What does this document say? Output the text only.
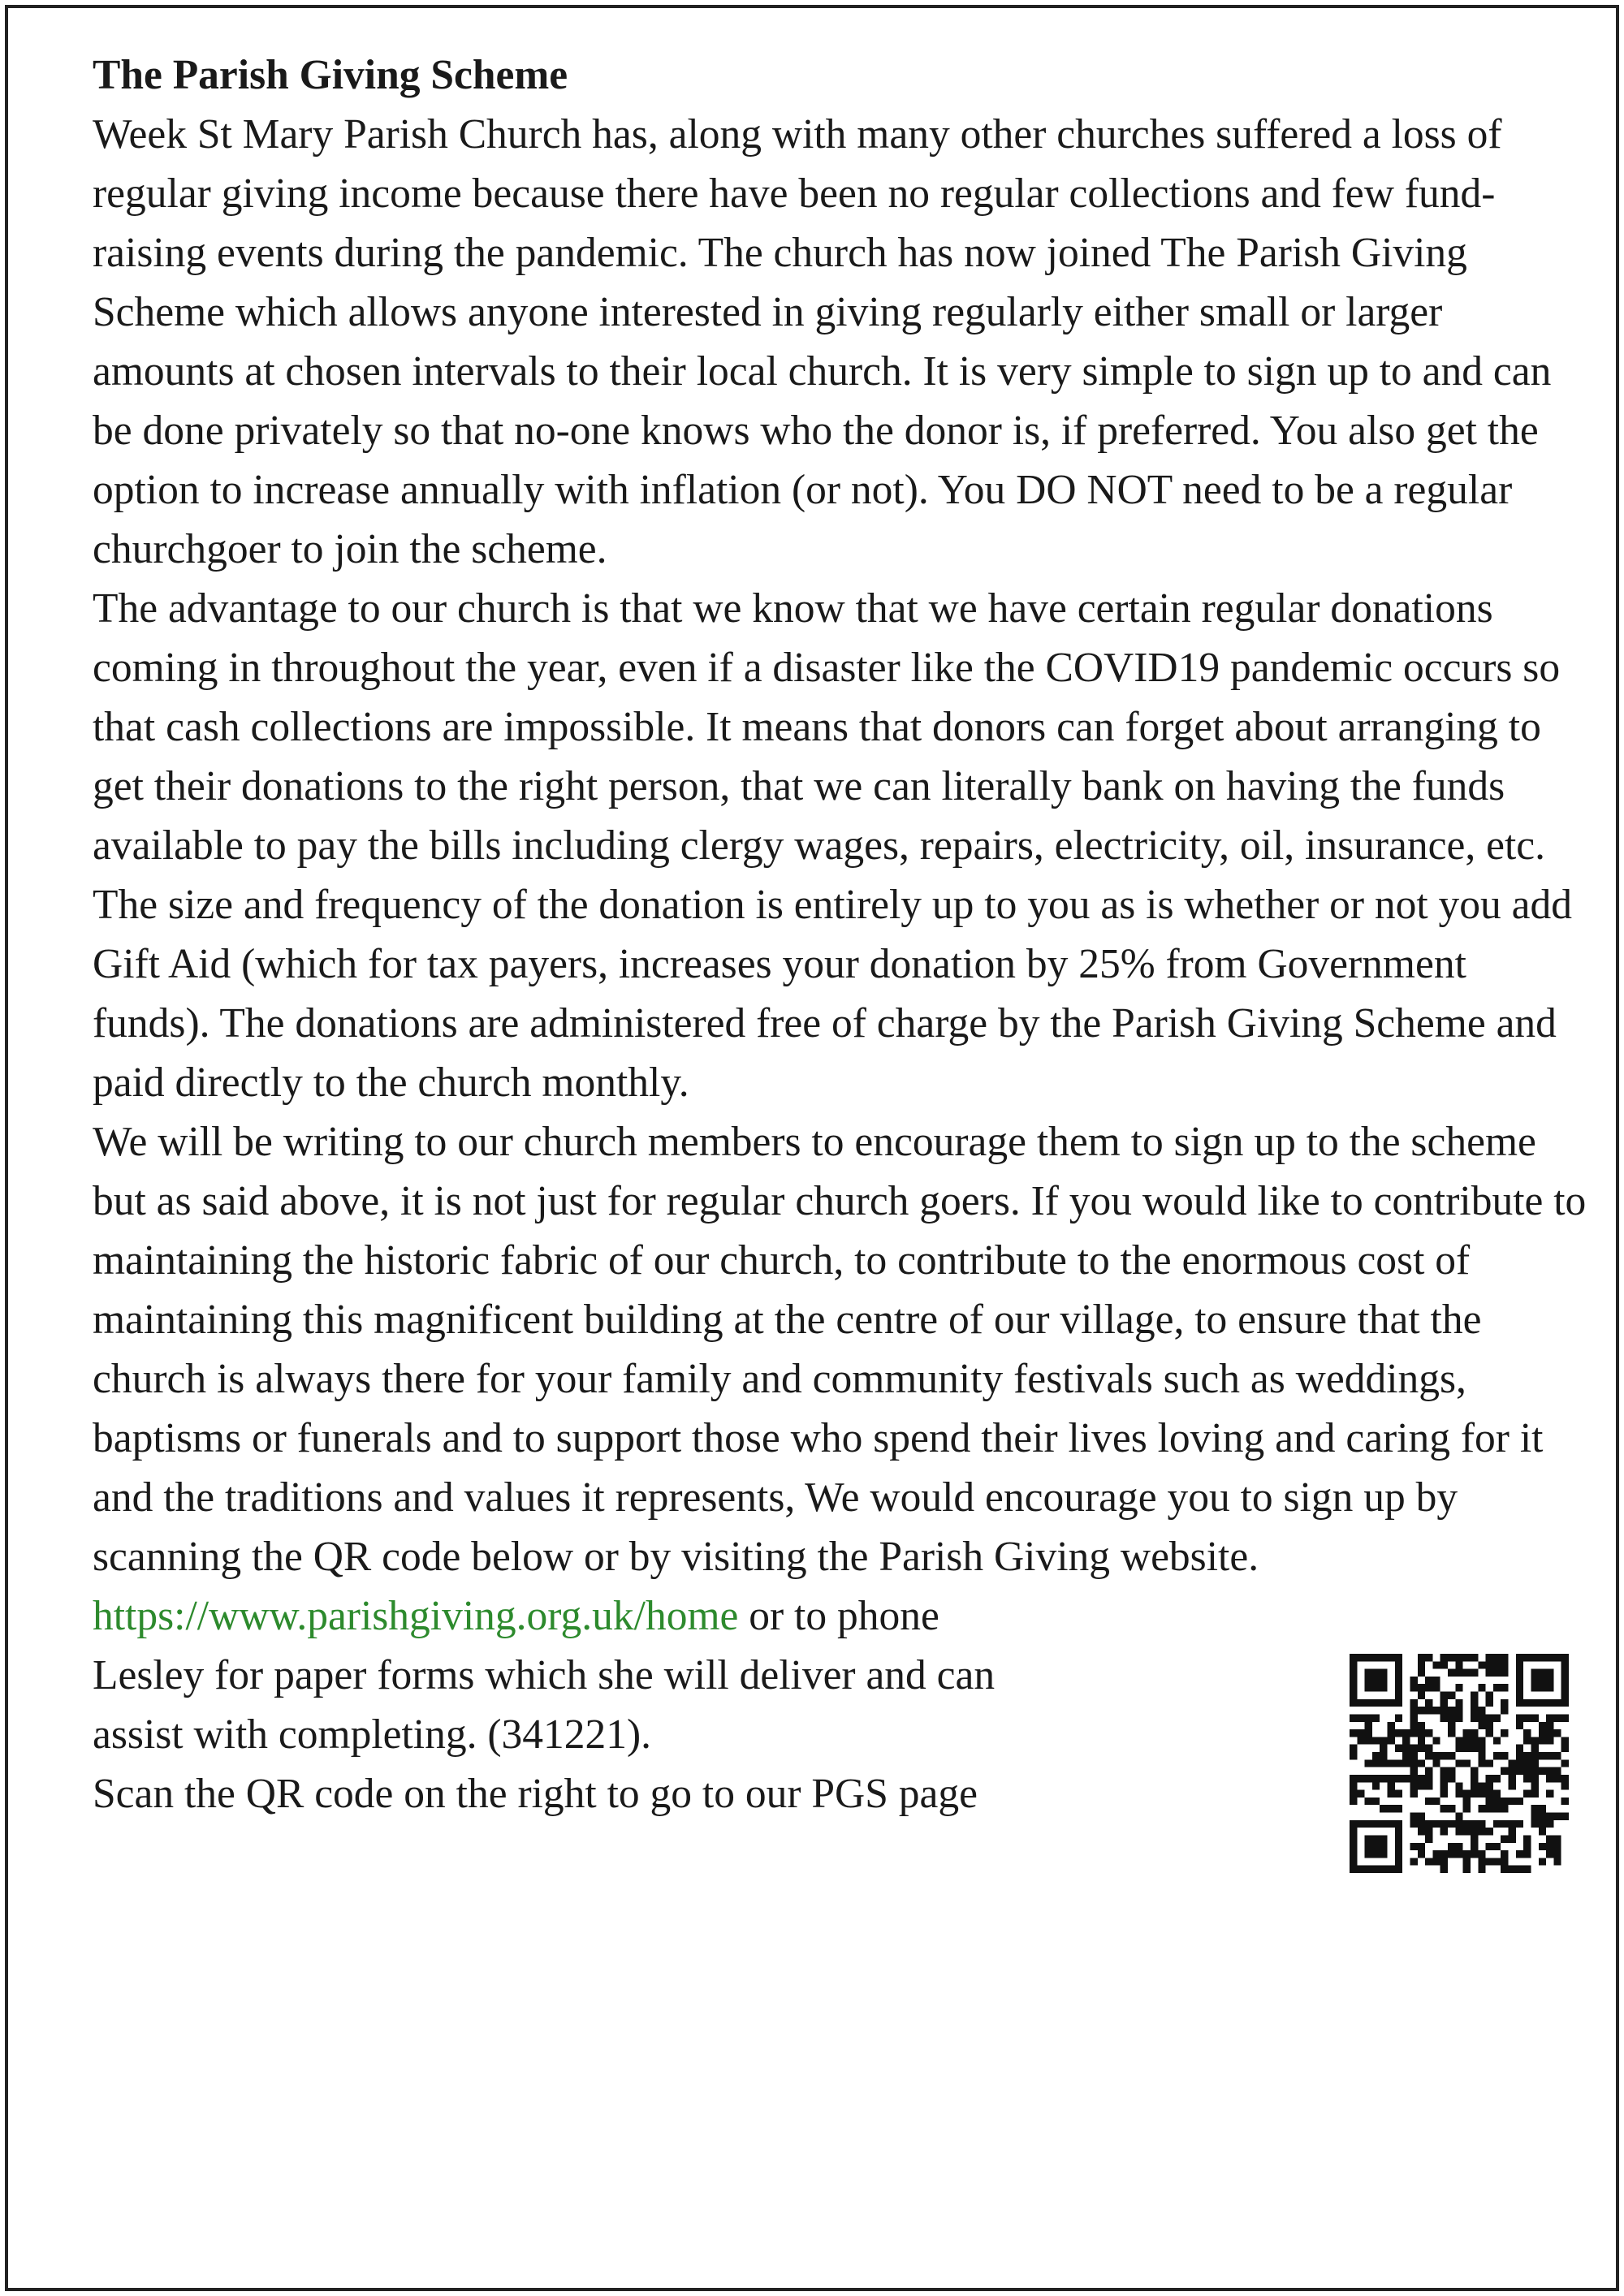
The Parish Giving Scheme

Week St Mary Parish Church has, along with many other churches suffered a loss of regular giving income because there have been no regular collections and few fund-raising events during the pandemic. The church has now joined The Parish Giving Scheme which allows anyone interested in giving regularly either small or larger amounts at chosen intervals to their local church. It is very simple to sign up to and can be done privately so that no-one knows who the donor is, if preferred. You also get the option to increase annually with inflation (or not). You DO NOT need to be a regular churchgoer to join the scheme.

The advantage to our church is that we know that we have certain regular donations coming in throughout the year, even if a disaster like the COVID19 pandemic occurs so that cash collections are impossible. It means that donors can forget about arranging to get their donations to the right person, that we can literally bank on having the funds available to pay the bills including clergy wages, repairs, electricity, oil, insurance, etc. The size and frequency of the donation is entirely up to you as is whether or not you add Gift Aid (which for tax payers, increases your donation by 25% from Government funds). The donations are administered free of charge by the Parish Giving Scheme and paid directly to the church monthly.

We will be writing to our church members to encourage them to sign up to the scheme but as said above, it is not just for regular church goers. If you would like to contribute to maintaining the historic fabric of our church, to contribute to the enormous cost of maintaining this magnificent building at the centre of our village, to ensure that the church is always there for your family and community festivals such as weddings, baptisms or funerals and to support those who spend their lives loving and caring for it and the traditions and values it represents, We would encourage you to sign up by scanning the QR code below or by visiting the Parish Giving website. https://www.parishgiving.org.uk/home or to phone

Lesley for paper forms which she will deliver and can
assist with completing. (341221).
Scan the QR code on the right to go to our PGS page
